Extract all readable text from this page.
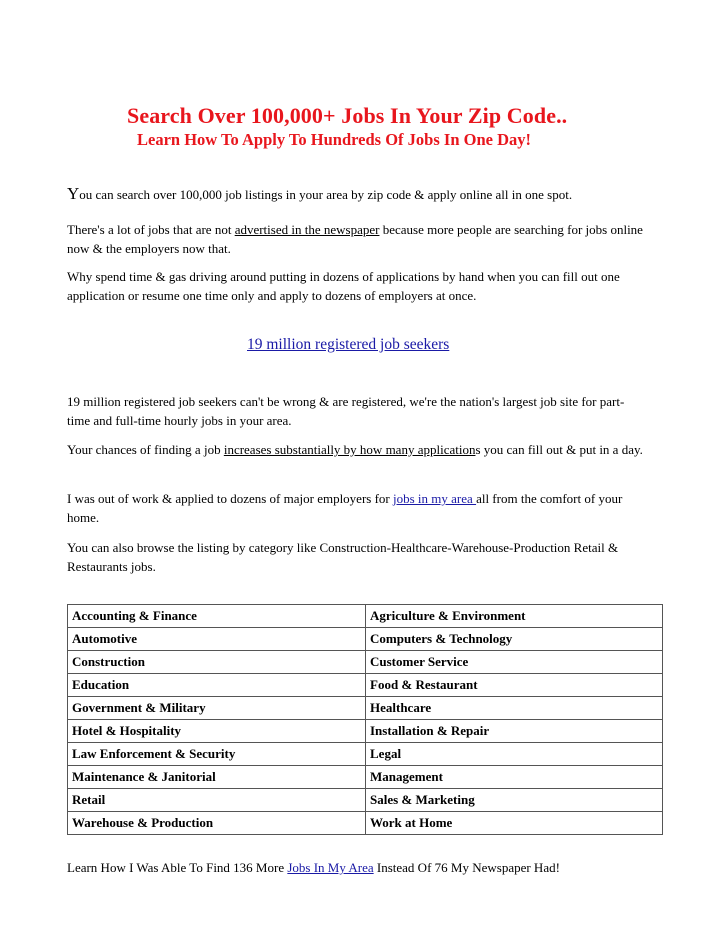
Search Over 100,000+ Jobs In Your Zip Code..
Learn How To Apply To Hundreds Of Jobs In One Day!
You can search over 100,000 job listings in your area by zip code & apply online all in one spot.
There's a lot of jobs that are not advertised in the newspaper because more people are searching for jobs online now & the employers now that.
Why spend time & gas driving around putting in dozens of applications by hand when you can fill out one application or resume one time only and apply to dozens of employers at once.
19 million registered job seekers
19 million registered job seekers can't be wrong & are registered, we're the nation's largest job site for part-time and full-time hourly jobs in your area.
Your chances of finding a job increases substantially by how many applications you can fill out & put in a day.
I was out of work & applied to dozens of major employers for jobs in my area all from the comfort of your home.
You can also browse the listing by category like Construction-Healthcare-Warehouse-Production Retail & Restaurants jobs.
Accounting & Finance	Agriculture & Environment
Automotive	Computers & Technology
Construction	Customer Service
Education	Food & Restaurant
Government & Military	Healthcare
Hotel & Hospitality	Installation & Repair
Law Enforcement & Security	Legal
Maintenance & Janitorial	Management
Retail	Sales & Marketing
Warehouse & Production	Work at Home
Learn How I Was Able To Find 136 More Jobs In My Area Instead Of 76 My Newspaper Had!
